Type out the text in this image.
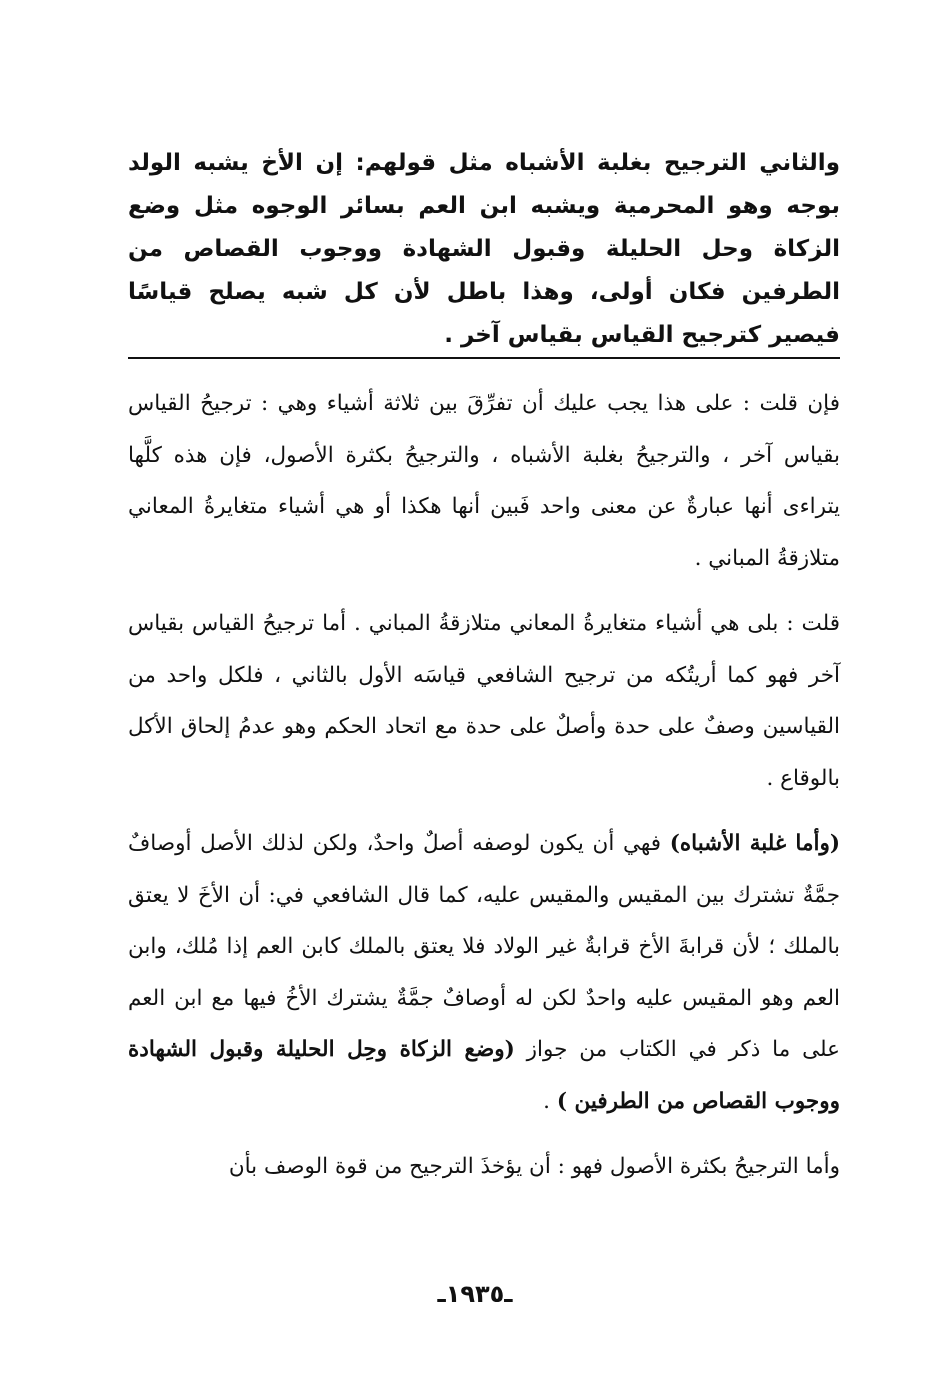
والثاني الترجيح بغلبة الأشباه مثل قولهم: إن الأخ يشبه الولد بوجه وهو المحرمية ويشبه ابن العم بسائر الوجوه مثل وضع الزكاة وحل الحليلة وقبول الشهادة ووجوب القصاص من الطرفين فكان أولى، وهذا باطل لأن كل شبه يصلح قياسًا فيصير كترجيح القياس بقياس آخر .

فإن قلت : على هذا يجب عليك أن تفرِّقَ بين ثلاثة أشياء وهي : ترجيحُ القياس بقياس آخر ، والترجيحُ بغلبة الأشباه ، والترجيحُ بكثرة الأصول، فإن هذه كلَّها يتراءى أنها عبارةٌ عن معنى واحد فَبين أنها هكذا أو هي أشياء متغايرةُ المعاني متلازقةُ المباني .

قلت : بلى هي أشياء متغايرةُ المعاني متلازقةُ المباني . أما ترجيحُ القياس بقياس آخر فهو كما أريتُكه من ترجيح الشافعي قياسَه الأول بالثاني ، فلكل واحد من القياسين وصفٌ على حدة وأصلٌ على حدة مع اتحاد الحكم وهو عدمُ إلحاق الأكل بالوقاع .

(وأما غلبة الأشباه) فهي أن يكون لوصفه أصلٌ واحدٌ، ولكن لذلك الأصل أوصافٌ جمَّةٌ تشترك بين المقيس والمقيس عليه، كما قال الشافعي في: أن الأخَ لا يعتق بالملك ؛ لأن قرابةَ الأخ قرابةٌ غير الولاد فلا يعتق بالملك كابن العم إذا مُلك، وابن العم وهو المقيس عليه واحدٌ لكن له أوصافٌ جمَّةٌ يشترك الأخُ فيها مع ابن العم على ما ذكر في الكتاب من جواز (وضع الزكاة وحِل الحليلة وقبول الشهادة ووجوب القصاص من الطرفين ) .

وأما الترجيحُ بكثرة الأصول فهو : أن يؤخذَ الترجيح من قوة الوصف بأن

ـ١٩٣٥ـ
